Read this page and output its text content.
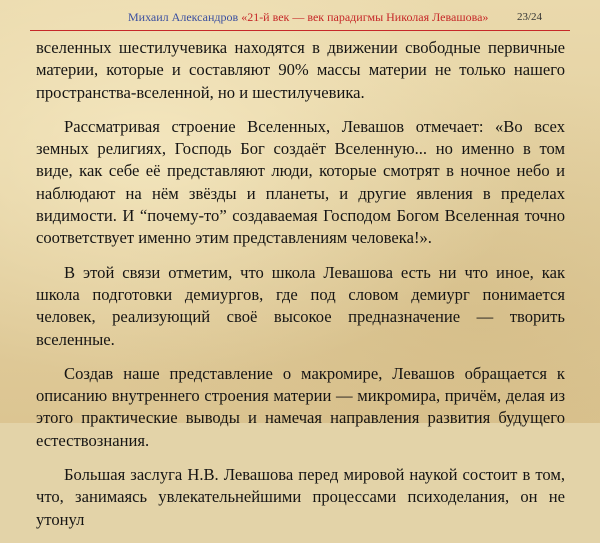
Михаил Александров «21-й век — век парадигмы Николая Левашова»	23/24

вселенных шестилучевика находятся в движении свободные первичные материи, которые и составляют 90% массы материи не только нашего пространства-вселенной, но и шестилучевика.

Рассматривая строение Вселенных, Левашов отмечает: «Во всех земных религиях, Господь Бог создаёт Вселенную... но именно в том виде, как себе её представляют люди, которые смотрят в ночное небо и наблюдают на нём звёзды и планеты, и другие явления в пределах видимости. И “почему-то” создаваемая Господом Богом Вселенная точно соответствует именно этим представлениям человека!».

В этой связи отметим, что школа Левашова есть ни что иное, как школа подготовки демиургов, где под словом демиург понимается человек, реализующий своё высокое предназначение — творить вселенные.

Создав наше представление о макромире, Левашов обращается к описанию внутреннего строения материи — микромира, причём, делая из этого практические выводы и намечая направления развития будущего естествознания.

Большая заслуга Н.В. Левашова перед мировой наукой состоит в том, что, занимаясь увлекательнейшими процессами психоделания, он не утонул
